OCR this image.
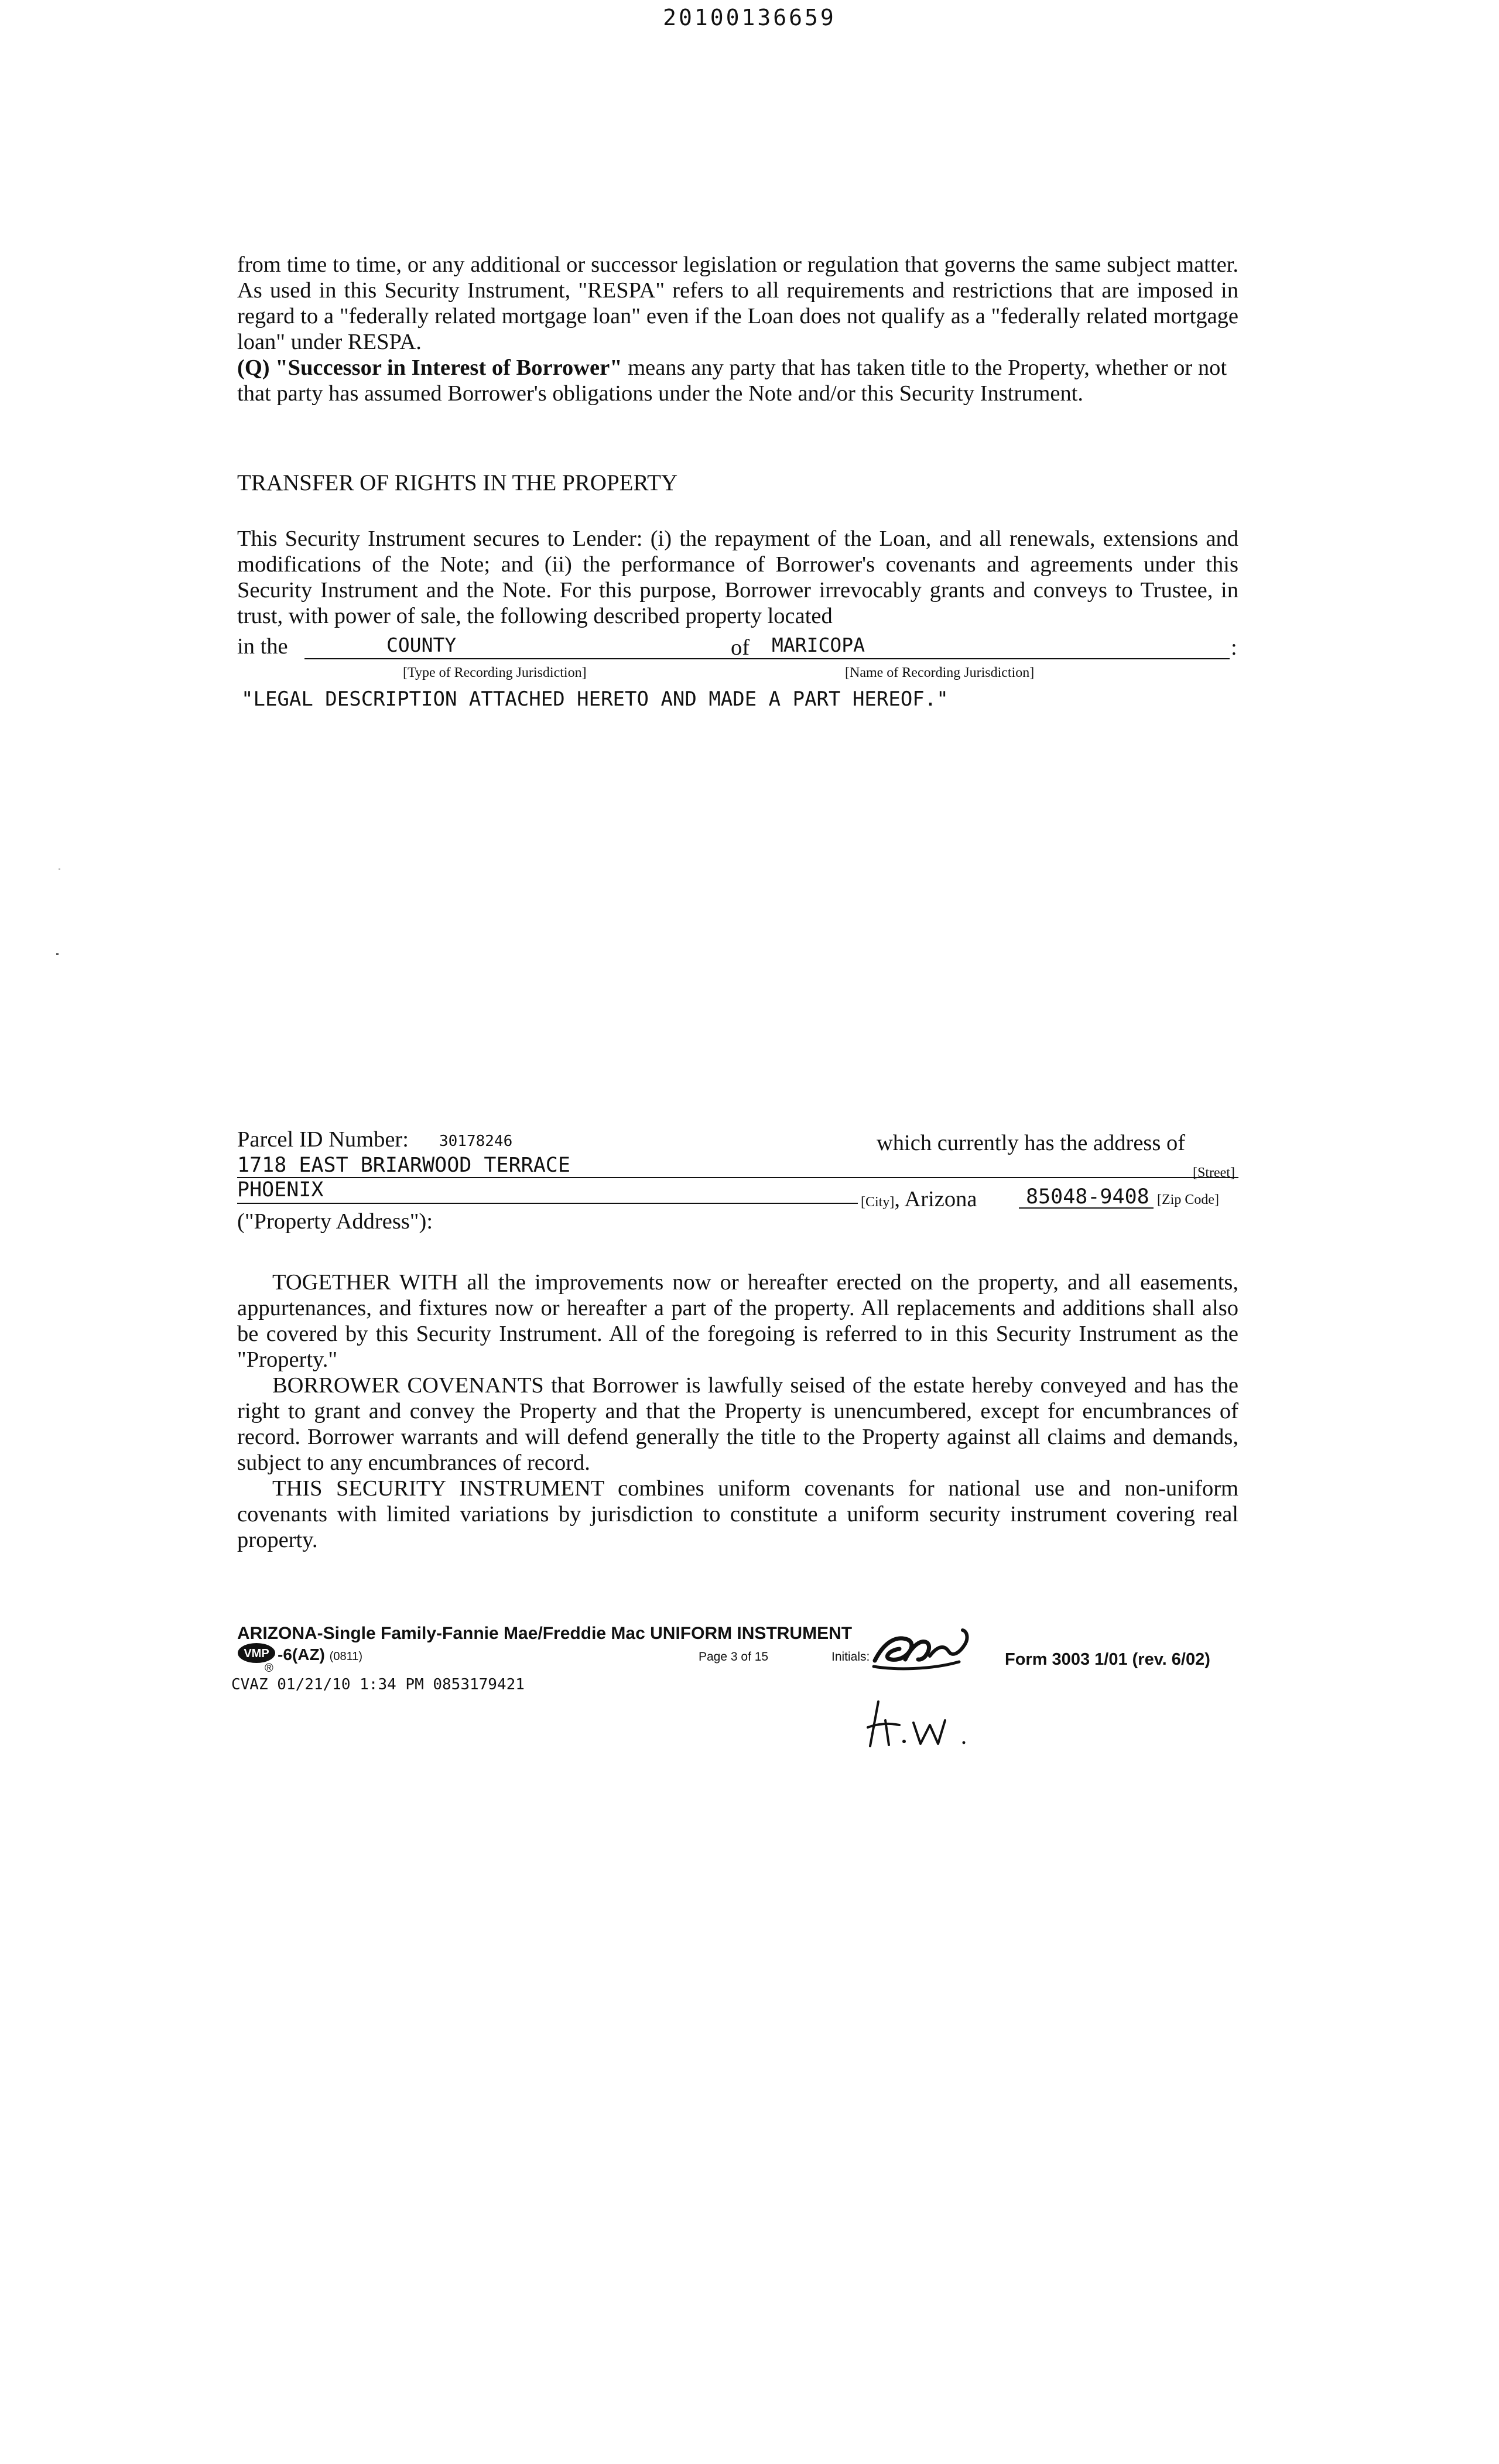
20100136659

from time to time, or any additional or successor legislation or regulation that governs the same subject matter. As used in this Security Instrument, "RESPA" refers to all requirements and restrictions that are imposed in regard to a "federally related mortgage loan" even if the Loan does not qualify as a "federally related mortgage loan" under RESPA.

(Q) "Successor in Interest of Borrower" means any party that has taken title to the Property, whether or not that party has assumed Borrower's obligations under the Note and/or this Security Instrument.

TRANSFER OF RIGHTS IN THE PROPERTY

This Security Instrument secures to Lender: (i) the repayment of the Loan, and all renewals, extensions and modifications of the Note; and (ii) the performance of Borrower's covenants and agreements under this Security Instrument and the Note. For this purpose, Borrower irrevocably grants and conveys to Trustee, in trust, with power of sale, the following described property located

in the	COUNTY	of MARICOPA	:
[Type of Recording Jurisdiction]	[Name of Recording Jurisdiction]
"LEGAL DESCRIPTION ATTACHED HERETO AND MADE A PART HEREOF."
Parcel ID Number: 30178246	which currently has the address of
1718 EAST BRIARWOOD TERRACE	[Street]
PHOENIX
[City], Arizona 85048-9408 [Zip Code]
("Property Address"):

TOGETHER WITH all the improvements now or hereafter erected on the property, and all easements, appurtenances, and fixtures now or hereafter a part of the property. All replacements and additions shall also be covered by this Security Instrument. All of the foregoing is referred to in this Security Instrument as the "Property."

BORROWER COVENANTS that Borrower is lawfully seised of the estate hereby conveyed and has the right to grant and convey the Property and that the Property is unencumbered, except for encumbrances of record. Borrower warrants and will defend generally the title to the Property against all claims and demands, subject to any encumbrances of record.

THIS SECURITY INSTRUMENT combines uniform covenants for national use and non-uniform covenants with limited variations by jurisdiction to constitute a uniform security instrument covering real property.

ARIZONA-Single Family-Fannie Mae/Freddie Mac UNIFORM INSTRUMENT
VMP
®
-6(AZ) (0811)	Page 3 of 15	Initials:	Form 3003 1/01 (rev. 6/02)
CVAZ 01/21/10 1:34 PM 0853179421
